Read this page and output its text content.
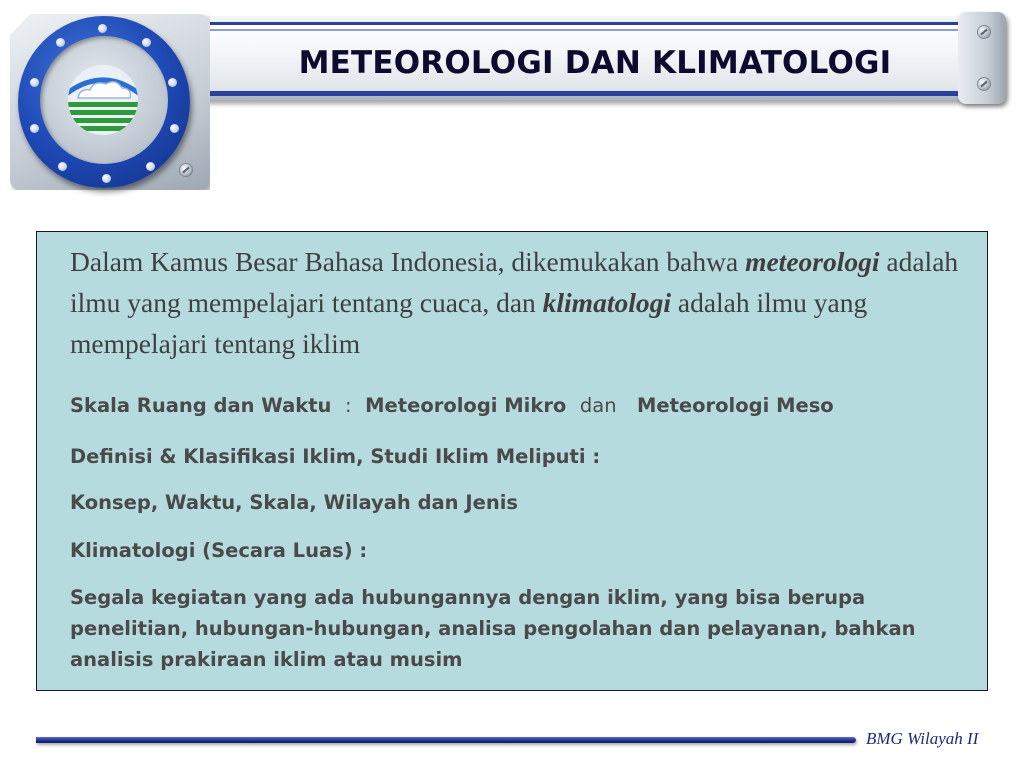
METEOROLOGI DAN KLIMATOLOGI
Dalam Kamus Besar Bahasa Indonesia, dikemukakan bahwa meteorologi adalah ilmu yang mempelajari tentang cuaca, dan klimatologi adalah ilmu yang mempelajari tentang iklim
Skala Ruang dan Waktu : Meteorologi Mikro dan Meteorologi Meso
Definisi & Klasifikasi Iklim, Studi Iklim Meliputi :
Konsep, Waktu, Skala, Wilayah dan Jenis
Klimatologi (Secara Luas) :
Segala kegiatan yang ada hubungannya dengan iklim, yang bisa berupa penelitian, hubungan-hubungan, analisa pengolahan dan pelayanan, bahkan analisis prakiraan iklim atau musim
BMG Wilayah II
